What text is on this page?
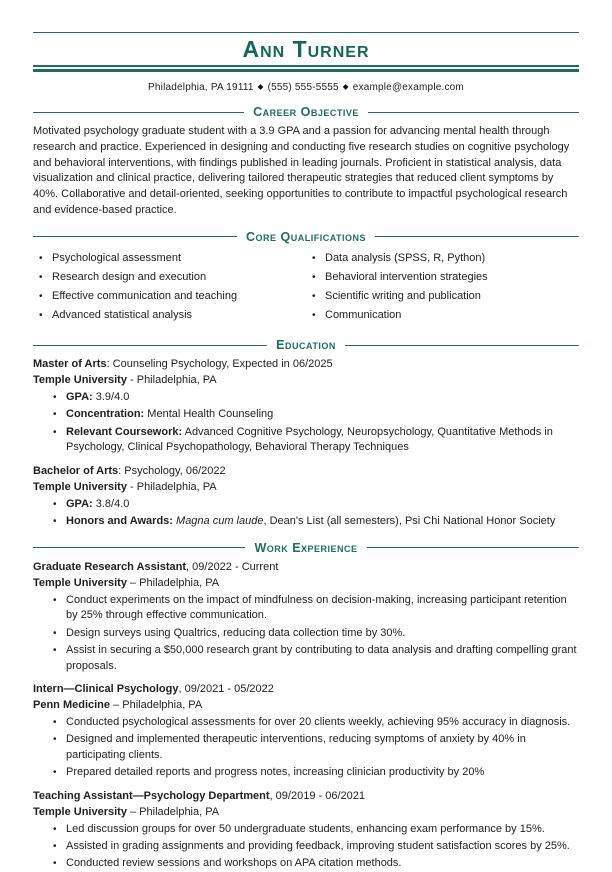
Ann Turner
Philadelphia, PA 19111 ◆ (555) 555-5555 ◆ example@example.com
Career Objective

Motivated psychology graduate student with a 3.9 GPA and a passion for advancing mental health through research and practice. Experienced in designing and conducting five research studies on cognitive psychology and behavioral interventions, with findings published in leading journals. Proficient in statistical analysis, data visualization and clinical practice, delivering tailored therapeutic strategies that reduced client symptoms by 40%. Collaborative and detail-oriented, seeking opportunities to contribute to impactful psychological research and evidence-based practice.

Core Qualifications
• Psychological assessment
• Research design and execution
• Effective communication and teaching
• Advanced statistical analysis
• Data analysis (SPSS, R, Python)
• Behavioral intervention strategies
• Scientific writing and publication
• Communication
Education
Master of Arts: Counseling Psychology, Expected in 06/2025
Temple University - Philadelphia, PA
• GPA: 3.9/4.0
• Concentration: Mental Health Counseling
• Relevant Coursework: Advanced Cognitive Psychology, Neuropsychology, Quantitative Methods in Psychology, Clinical Psychopathology, Behavioral Therapy Techniques
Bachelor of Arts: Psychology, 06/2022
Temple University - Philadelphia, PA
• GPA: 3.8/4.0
• Honors and Awards: Magna cum laude, Dean's List (all semesters), Psi Chi National Honor Society
Work Experience
Graduate Research Assistant, 09/2022 - Current
Temple University – Philadelphia, PA
• Conduct experiments on the impact of mindfulness on decision-making, increasing participant retention by 25% through effective communication.
• Design surveys using Qualtrics, reducing data collection time by 30%.
• Assist in securing a $50,000 research grant by contributing to data analysis and drafting compelling grant proposals.
Intern—Clinical Psychology, 09/2021 - 05/2022
Penn Medicine – Philadelphia, PA
• Conducted psychological assessments for over 20 clients weekly, achieving 95% accuracy in diagnosis.
• Designed and implemented therapeutic interventions, reducing symptoms of anxiety by 40% in participating clients.
• Prepared detailed reports and progress notes, increasing clinician productivity by 20%
Teaching Assistant—Psychology Department, 09/2019 - 06/2021
Temple University – Philadelphia, PA
• Led discussion groups for over 50 undergraduate students, enhancing exam performance by 15%.
• Assisted in grading assignments and providing feedback, improving student satisfaction scores by 25%.
• Conducted review sessions and workshops on APA citation methods.
